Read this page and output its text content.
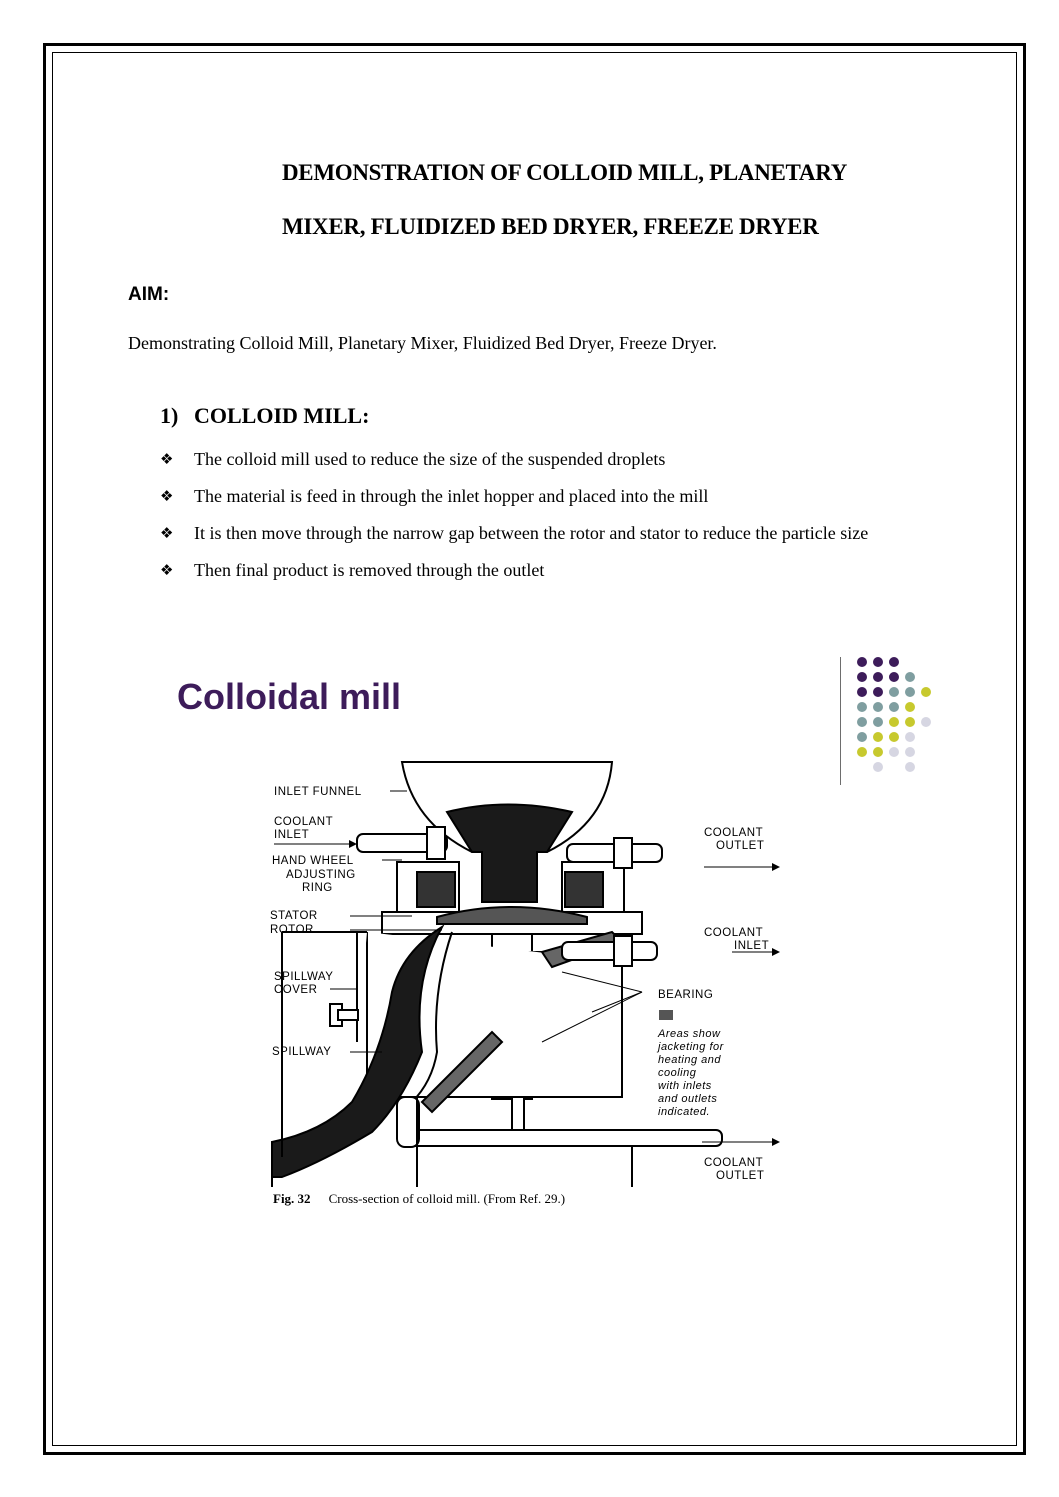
DEMONSTRATION OF COLLOID MILL, PLANETARY
MIXER, FLUIDIZED BED DRYER, FREEZE DRYER
AIM:

Demonstrating Colloid Mill, Planetary Mixer, Fluidized Bed Dryer, Freeze Dryer.

1) COLLOID MILL:
❖ The colloid mill used to reduce the size of the suspended droplets
❖ The material is feed in through the inlet hopper and placed into the mill
❖ It is then move through the narrow gap between the rotor and stator to reduce the particle size
❖ Then final product is removed through the outlet
Colloidal mill
INLET FUNNEL
COOLANT
INLET
HAND WHEEL
ADJUSTING
RING
STATOR
ROTOR
SPILLWAY
COVER
SPILLWAY
COOLANT
OUTLET
COOLANT
INLET
BEARING
Areas show
jacketing for
heating and
cooling
with inlets
and outlets
indicated.
COOLANT
OUTLET

Fig. 32 Cross-section of colloid mill. (From Ref. 29.)
